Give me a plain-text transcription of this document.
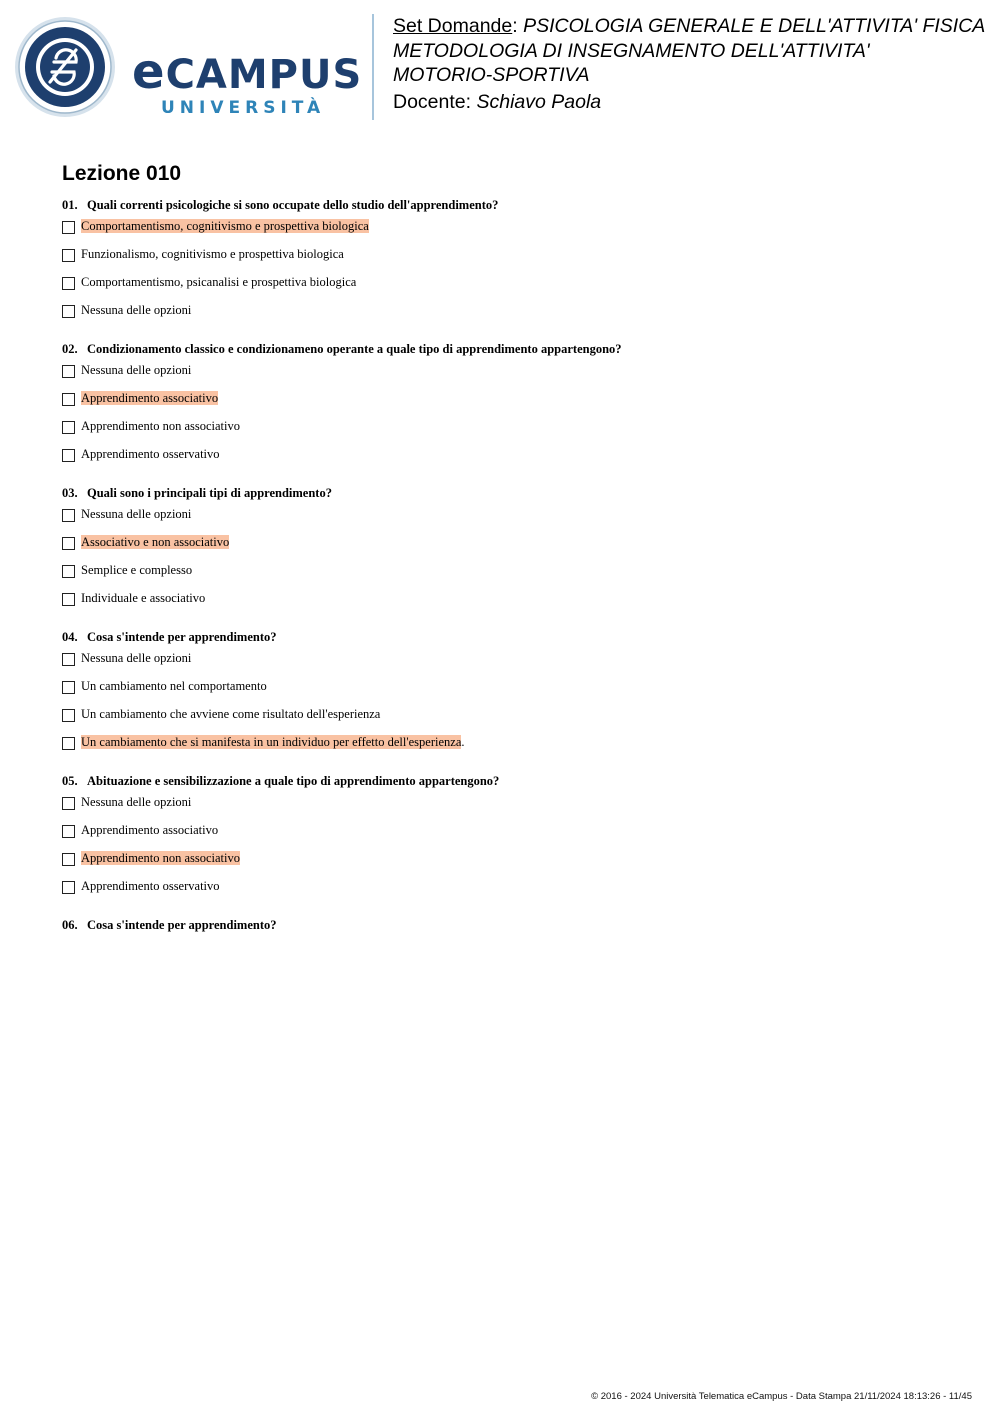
eCAMPUS
UNIVERSITÀ
Set Domande: PSICOLOGIA GENERALE E DELL'ATTIVITA' FISICA
METODOLOGIA DI INSEGNAMENTO DELL'ATTIVITA' MOTORIO-SPORTIVA
Docente: Schiavo Paola
Lezione 010
01. Quali correnti psicologiche si sono occupate dello studio dell'apprendimento?
Comportamentismo, cognitivismo e prospettiva biologica
Funzionalismo, cognitivismo e prospettiva biologica
Comportamentismo, psicanalisi e prospettiva biologica
Nessuna delle opzioni
02. Condizionamento classico e condizionameno operante a quale tipo di apprendimento appartengono?
Nessuna delle opzioni
Apprendimento associativo
Apprendimento non associativo
Apprendimento osservativo
03. Quali sono i principali tipi di apprendimento?
Nessuna delle opzioni
Associativo e non associativo
Semplice e complesso
Individuale e associativo
04. Cosa s'intende per apprendimento?
Nessuna delle opzioni
Un cambiamento nel comportamento
Un cambiamento che avviene come risultato dell'esperienza
Un cambiamento che si manifesta in un individuo per effetto dell'esperienza.
05. Abituazione e sensibilizzazione a quale tipo di apprendimento appartengono?
Nessuna delle opzioni
Apprendimento associativo
Apprendimento non associativo
Apprendimento osservativo
06. Cosa s'intende per apprendimento?
© 2016 - 2024 Università Telematica eCampus - Data Stampa 21/11/2024 18:13:26 - 11/45
